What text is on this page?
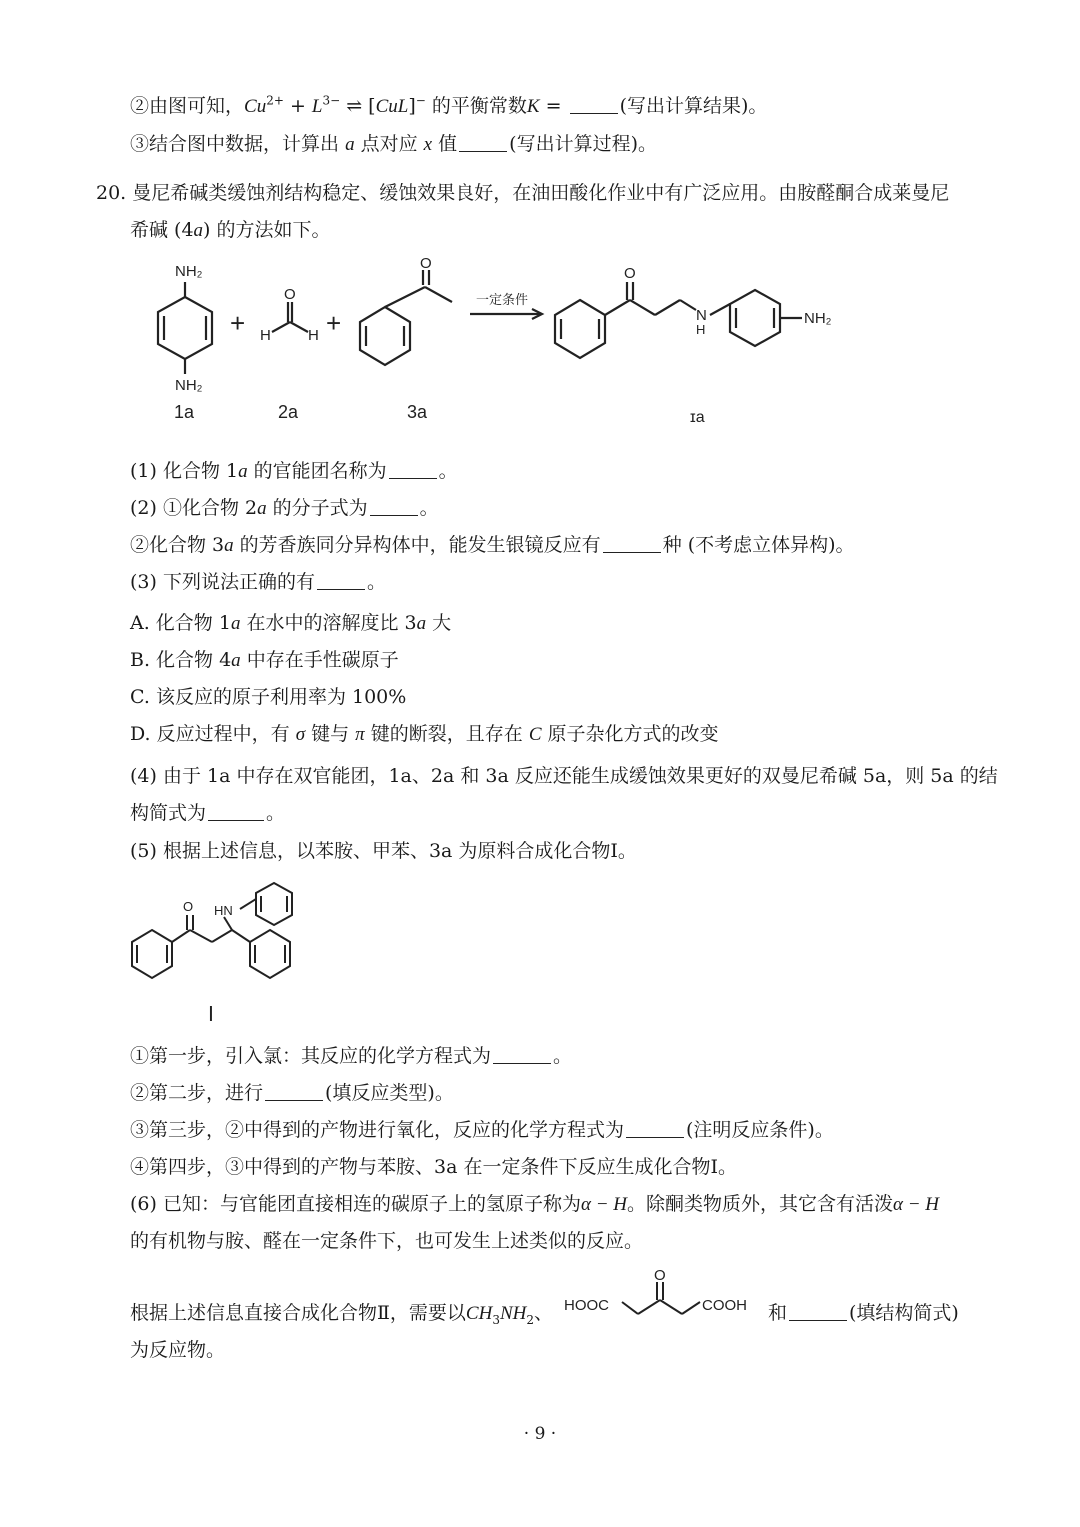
②由图可知，$Cu^{2+} + L^{3-}$ ⇌ [CuL]− 的平衡常数K =	(写出计算结果)。
③结合图中数据，计算出 a 点对应 x 值	(写出计算过程)。
20. 曼尼希碱类缓蚀剂结构稳定、缓蚀效果良好，在油田酸化作业中有广泛应用。由胺醛酮合成莱曼尼
希碱 (4a) 的方法如下。
NH₂
NH₂
+
O
H H +
O
一定条件
O
N
H
NH₂
1a	2a	3a	ɪa
(1) 化合物 1a 的官能团名称为	。
(2) ①化合物 2a 的分子式为	。
②化合物 3a 的芳香族同分异构体中，能发生银镜反应有	种 (不考虑立体异构)。
(3) 下列说法正确的有	。
A. 化合物 1a 在水中的溶解度比 3a 大
B. 化合物 4a 中存在手性碳原子
C. 该反应的原子利用率为 100%
D. 反应过程中，有 σ 键与 π 键的断裂，且存在 C 原子杂化方式的改变
(4) 由于 1a 中存在双官能团，1a、2a 和 3a 反应还能生成缓蚀效果更好的双曼尼希碱 5a，则 5a 的结
构简式为	。
(5) 根据上述信息，以苯胺、甲苯、3a 为原料合成化合物Ⅰ。
O HN
Ⅰ
①第一步，引入氯：其反应的化学方程式为	。
②第二步，进行	(填反应类型)。
③第三步，②中得到的产物进行氧化，反应的化学方程式为	(注明反应条件)。
④第四步，③中得到的产物与苯胺、3a 在一定条件下反应生成化合物Ⅰ。
(6) 已知：与官能团直接相连的碳原子上的氢原子称为α − H。除酮类物质外，其它含有活泼α − H
的有机物与胺、醛在一定条件下，也可发生上述类似的反应。
根据上述信息直接合成化合物Ⅱ，需要以$CH_3NH_2$、 HOOC
O
COOH 和	(填结构简式)
为反应物。
· 9 ·
